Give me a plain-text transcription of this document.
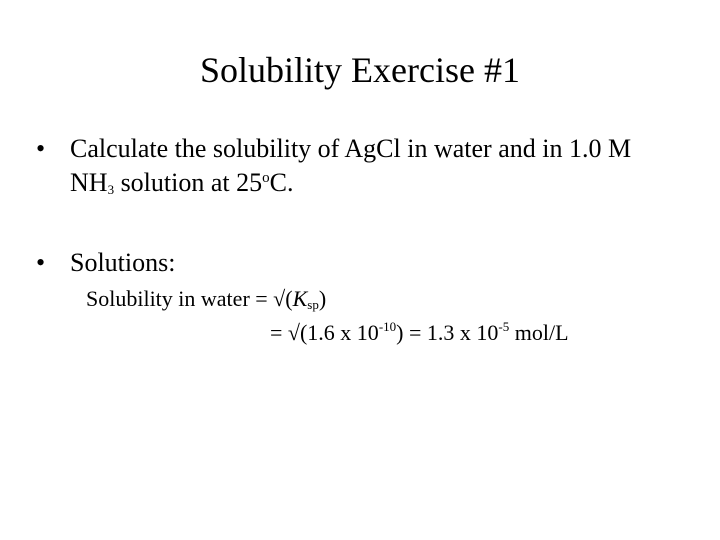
Solubility Exercise #1
• Calculate the solubility of AgCl in water and in 1.0 M
$NH_3$ solution at 25$^o$C.
• Solutions:
Solubility in water = $√(K_{sp})$
= √(1.6 x $10^{-10}) = 1.3$ x $10^{-5}$ mol/L
